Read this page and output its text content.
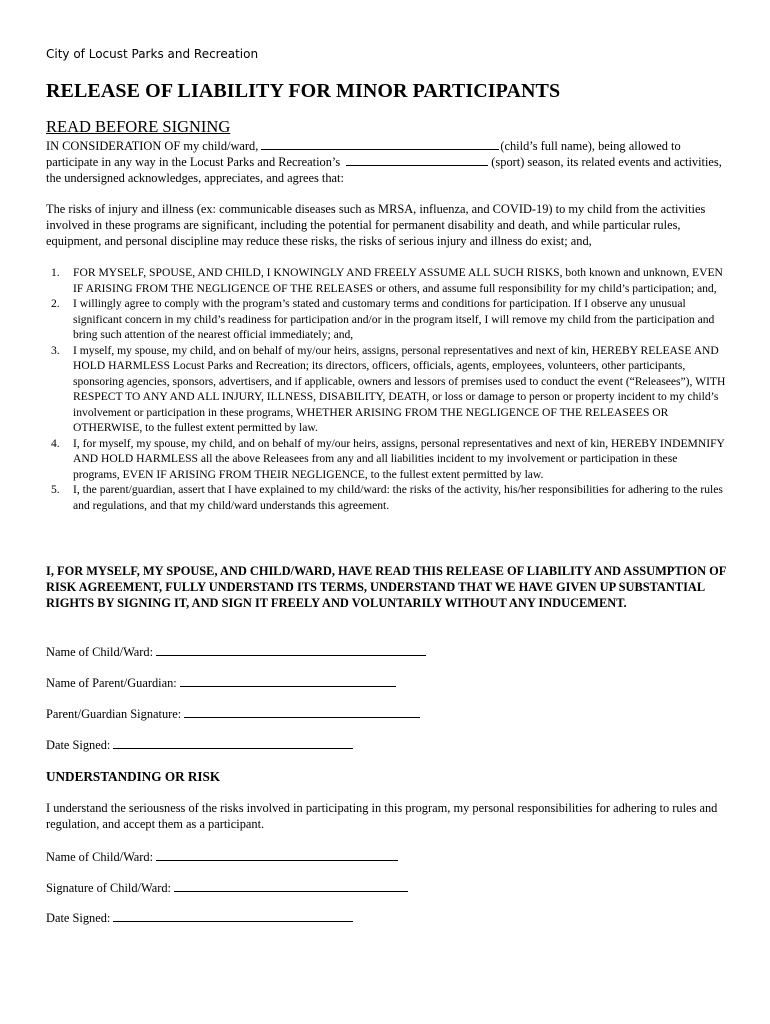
City of Locust Parks and Recreation
RELEASE OF LIABILITY FOR MINOR PARTICIPANTS
READ BEFORE SIGNING

IN CONSIDERATION OF my child/ward,	(child’s full name), being allowed to participate in any way in the Locust Parks and Recreation’s	(sport) season, its related events and activities, the undersigned acknowledges, appreciates, and agrees that:

The risks of injury and illness (ex: communicable diseases such as MRSA, influenza, and COVID-19) to my child from the activities involved in these programs are significant, including the potential for permanent disability and death, and while particular rules, equipment, and personal discipline may reduce these risks, the risks of serious injury and illness do exist; and,

1. FOR MYSELF, SPOUSE, AND CHILD, I KNOWINGLY AND FREELY ASSUME ALL SUCH RISKS, both known and unknown, EVEN IF ARISING FROM THE NEGLIGENCE OF THE RELEASES or others, and assume full responsibility for my child’s participation; and,
2. I willingly agree to comply with the program’s stated and customary terms and conditions for participation. If I observe any unusual significant concern in my child’s readiness for participation and/or in the program itself, I will remove my child from the participation and bring such attention of the nearest official immediately; and,
3. I myself, my spouse, my child, and on behalf of my/our heirs, assigns, personal representatives and next of kin, HEREBY RELEASE AND HOLD HARMLESS Locust Parks and Recreation; its directors, officers, officials, agents, employees, volunteers, other participants, sponsoring agencies, sponsors, advertisers, and if applicable, owners and lessors of premises used to conduct the event (“Releasees”), WITH RESPECT TO ANY AND ALL INJURY, ILLNESS, DISABILITY, DEATH, or loss or damage to person or property incident to my child’s involvement or participation in these programs, WHETHER ARISING FROM THE NEGLIGENCE OF THE RELEASEES OR OTHERWISE, to the fullest extent permitted by law.
4. I, for myself, my spouse, my child, and on behalf of my/our heirs, assigns, personal representatives and next of kin, HEREBY INDEMNIFY AND HOLD HARMLESS all the above Releasees from any and all liabilities incident to my involvement or participation in these programs, EVEN IF ARISING FROM THEIR NEGLIGENCE, to the fullest extent permitted by law.
5. I, the parent/guardian, assert that I have explained to my child/ward: the risks of the activity, his/her responsibilities for adhering to the rules and regulations, and that my child/ward understands this agreement.

I, FOR MYSELF, MY SPOUSE, AND CHILD/WARD, HAVE READ THIS RELEASE OF LIABILITY AND ASSUMPTION OF RISK AGREEMENT, FULLY UNDERSTAND ITS TERMS, UNDERSTAND THAT WE HAVE GIVEN UP SUBSTANTIAL RIGHTS BY SIGNING IT, AND SIGN IT FREELY AND VOLUNTARILY WITHOUT ANY INDUCEMENT.

Name of Child/Ward:
Name of Parent/Guardian:
Parent/Guardian Signature:
Date Signed:
UNDERSTANDING OR RISK

I understand the seriousness of the risks involved in participating in this program, my personal responsibilities for adhering to rules and regulation, and accept them as a participant.

Name of Child/Ward:
Signature of Child/Ward:
Date Signed:
